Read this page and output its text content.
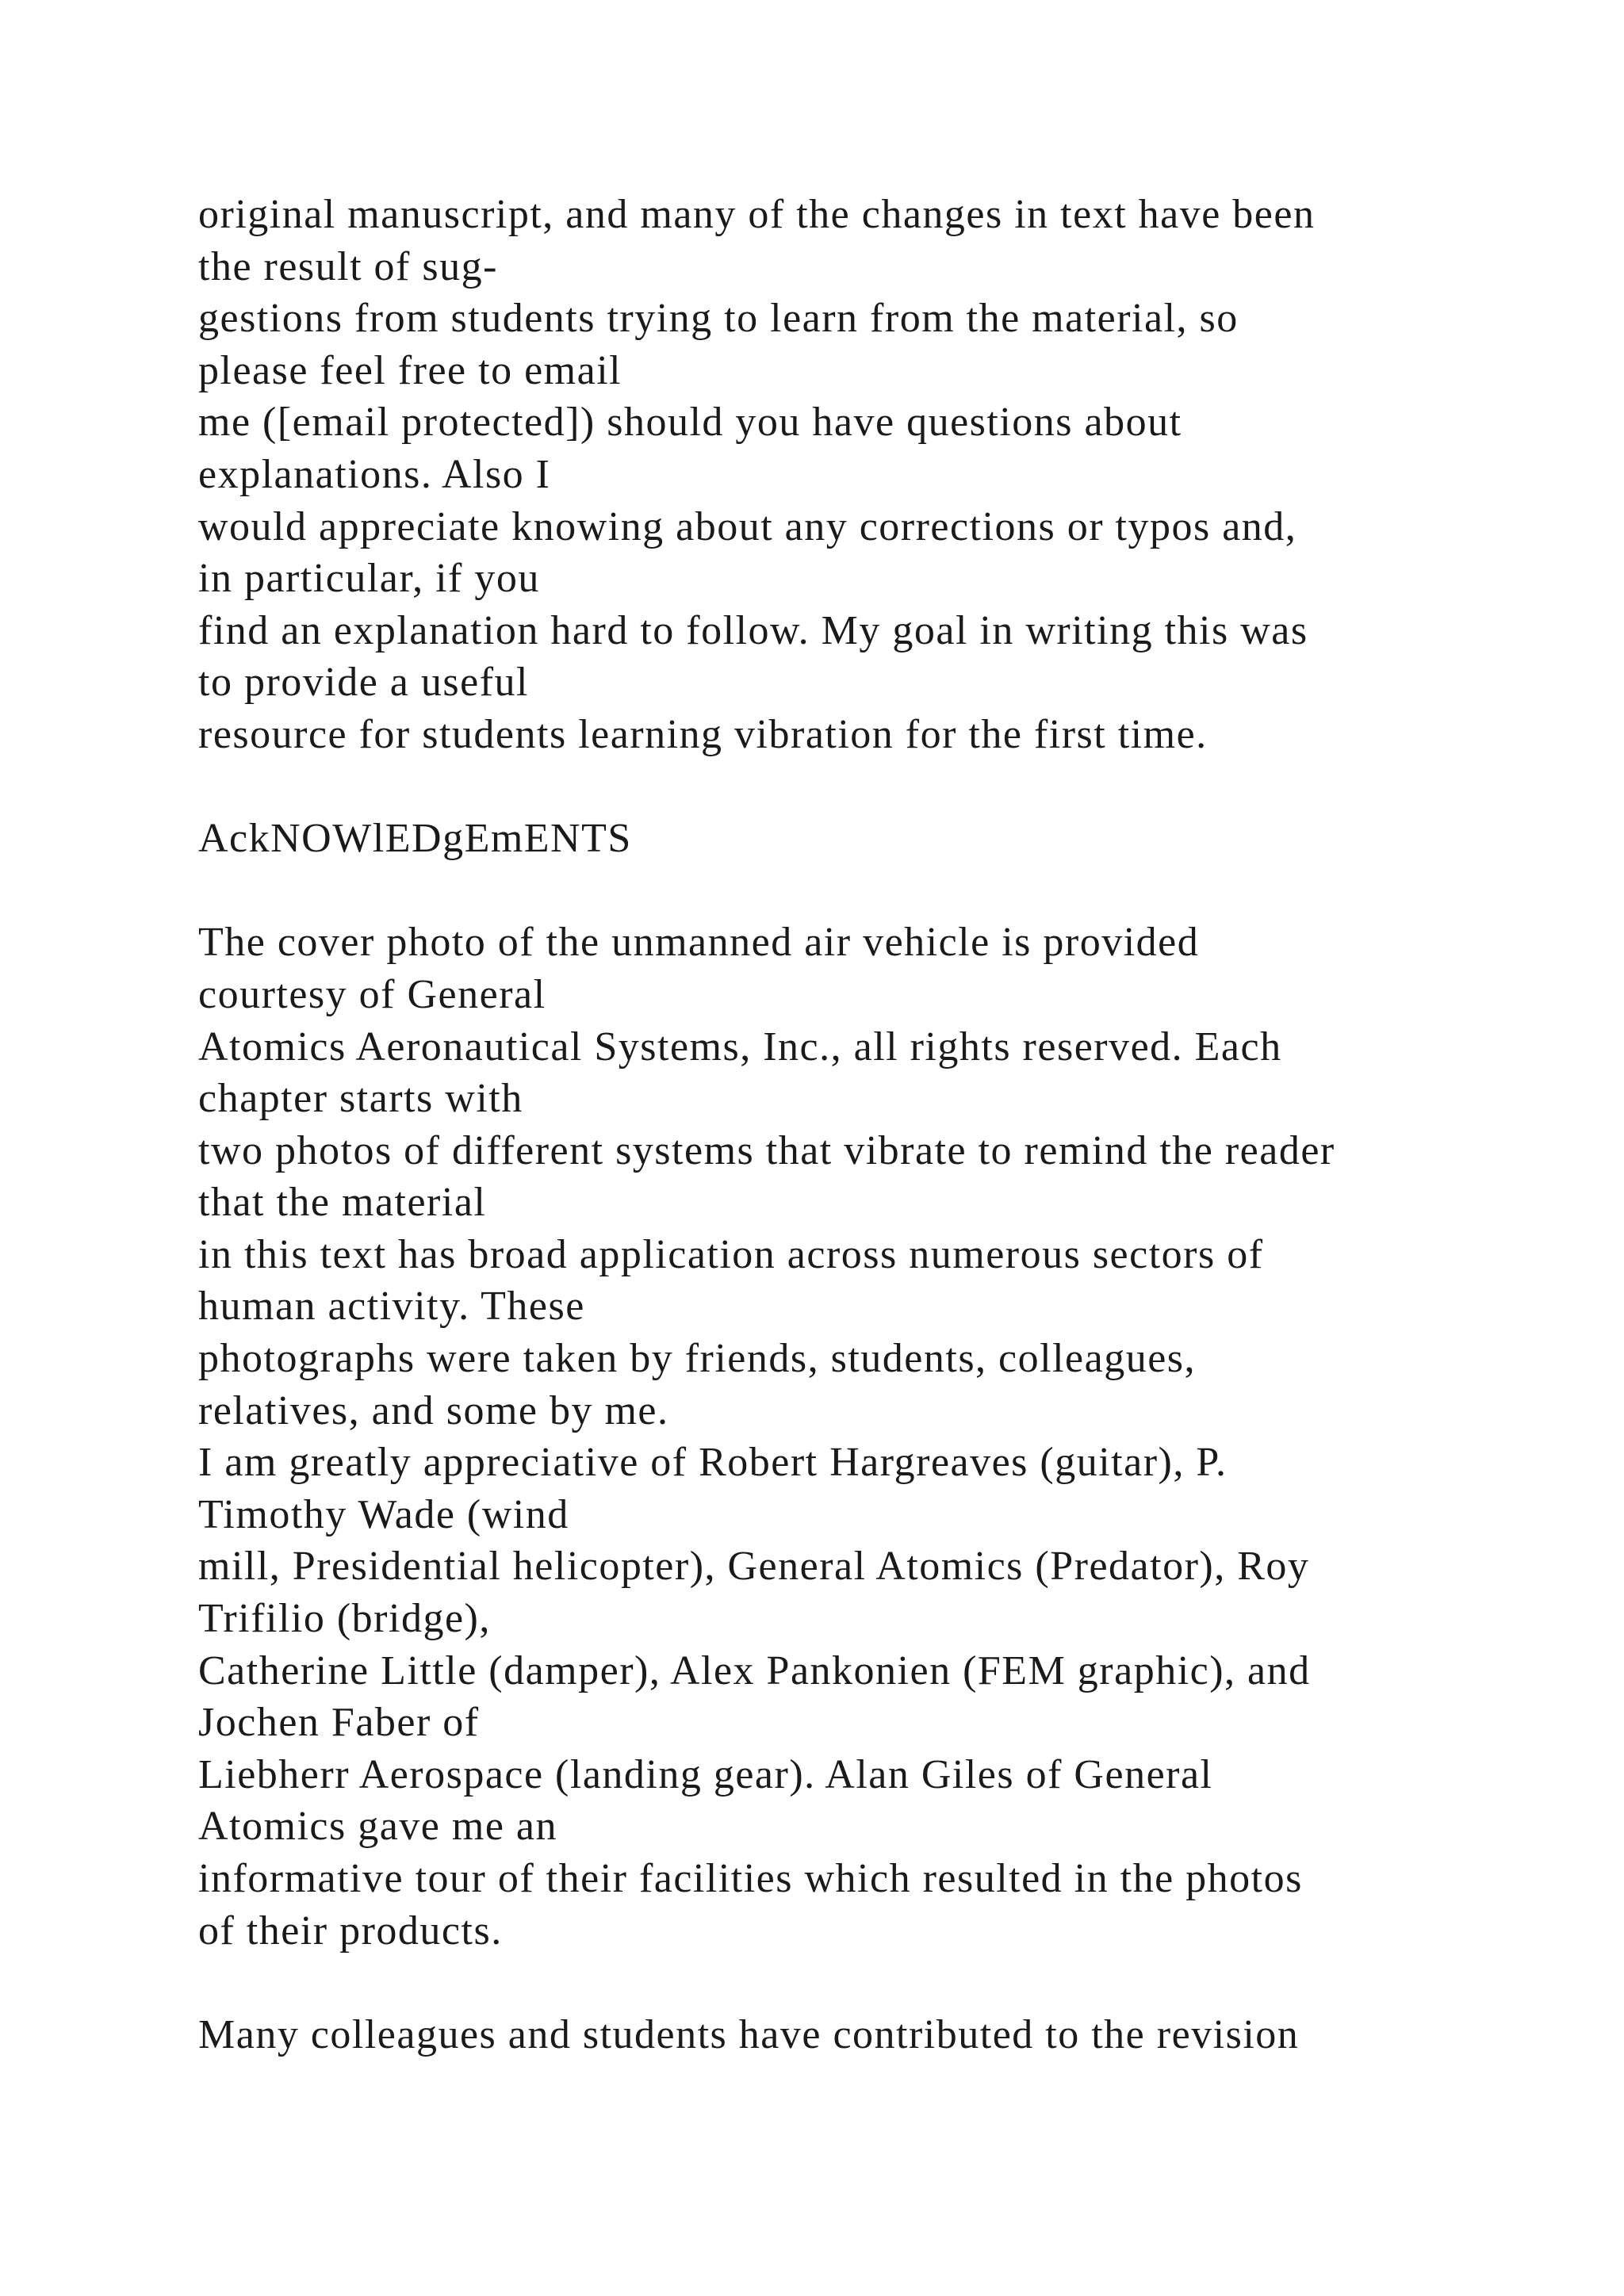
original manuscript, and many of the changes in text have been
the result of sug-
gestions from students trying to learn from the material, so
please feel free to email
me ([email protected]) should you have questions about
explanations. Also I
would appreciate knowing about any corrections or typos and,
in particular, if you
find an explanation hard to follow. My goal in writing this was
to provide a useful
resource for students learning vibration for the first time.
AckNOWlEDgEmENTS
The cover photo of the unmanned air vehicle is provided
courtesy of General
Atomics Aeronautical Systems, Inc., all rights reserved. Each
chapter starts with
two photos of different systems that vibrate to remind the reader
that the material
in this text has broad application across numerous sectors of
human activity. These
photographs were taken by friends, students, colleagues,
relatives, and some by me.
I am greatly appreciative of Robert Hargreaves (guitar), P.
Timothy Wade (wind
mill, Presidential helicopter), General Atomics (Predator), Roy
Trifilio (bridge),
Catherine Little (damper), Alex Pankonien (FEM graphic), and
Jochen Faber of
Liebherr Aerospace (landing gear). Alan Giles of General
Atomics gave me an
informative tour of their facilities which resulted in the photos
of their products.
Many colleagues and students have contributed to the revision
